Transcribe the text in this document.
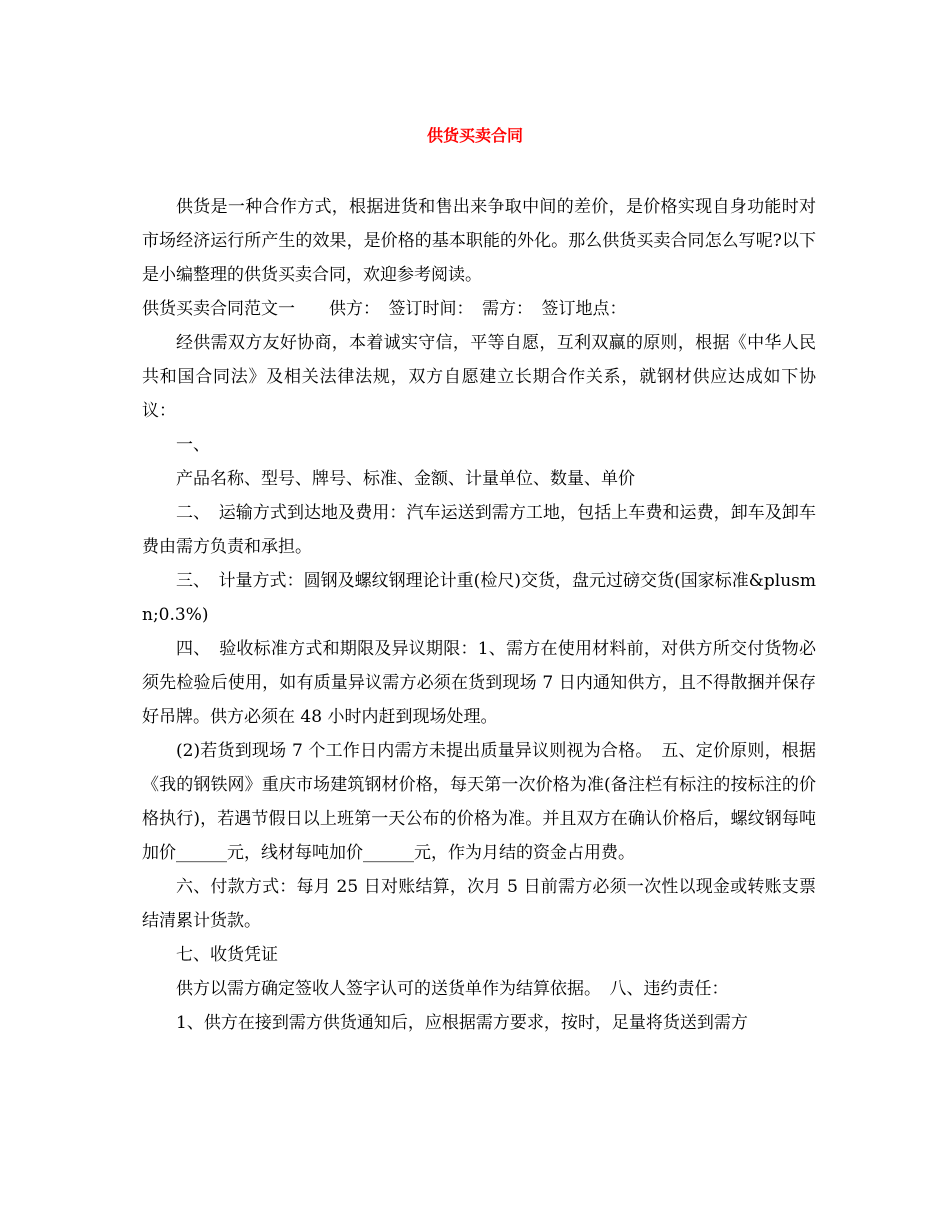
供货买卖合同

供货是一种合作方式，根据进货和售出来争取中间的差价，是价格实现自身功能时对市场经济运行所产生的效果，是价格的基本职能的外化。那么供货买卖合同怎么写呢?以下是小编整理的供货买卖合同，欢迎参考阅读。

供货买卖合同范文一　　供方：　签订时间：　需方：　签订地点：

经供需双方友好协商，本着诚实守信，平等自愿，互利双赢的原则，根据《中华人民共和国合同法》及相关法律法规，双方自愿建立长期合作关系，就钢材供应达成如下协议：

一、

产品名称、型号、牌号、标准、金额、计量单位、数量、单价

二、　运输方式到达地及费用：汽车运送到需方工地，包括上车费和运费，卸车及卸车费由需方负责和承担。

三、　计量方式：圆钢及螺纹钢理论计重(检尺)交货，盘元过磅交货(国家标准&plusmn;0.3%)

四、　验收标准方式和期限及异议期限：1、需方在使用材料前，对供方所交付货物必须先检验后使用，如有质量异议需方必须在货到现场 7 日内通知供方，且不得散捆并保存好吊牌。供方必须在 48 小时内赶到现场处理。

(2)若货到现场 7 个工作日内需方未提出质量异议则视为合格。　五、定价原则，根据《我的钢铁网》重庆市场建筑钢材价格，每天第一次价格为准(备注栏有标注的按标注的价格执行)，若遇节假日以上班第一天公布的价格为准。并且双方在确认价格后，螺纹钢每吨加价______元，线材每吨加价______元，作为月结的资金占用费。

六、付款方式：每月 25 日对账结算，次月 5 日前需方必须一次性以现金或转账支票结清累计货款。

七、收货凭证

供方以需方确定签收人签字认可的送货单作为结算依据。　八、违约责任：

1、供方在接到需方供货通知后，应根据需方要求，按时，足量将货送到需方
